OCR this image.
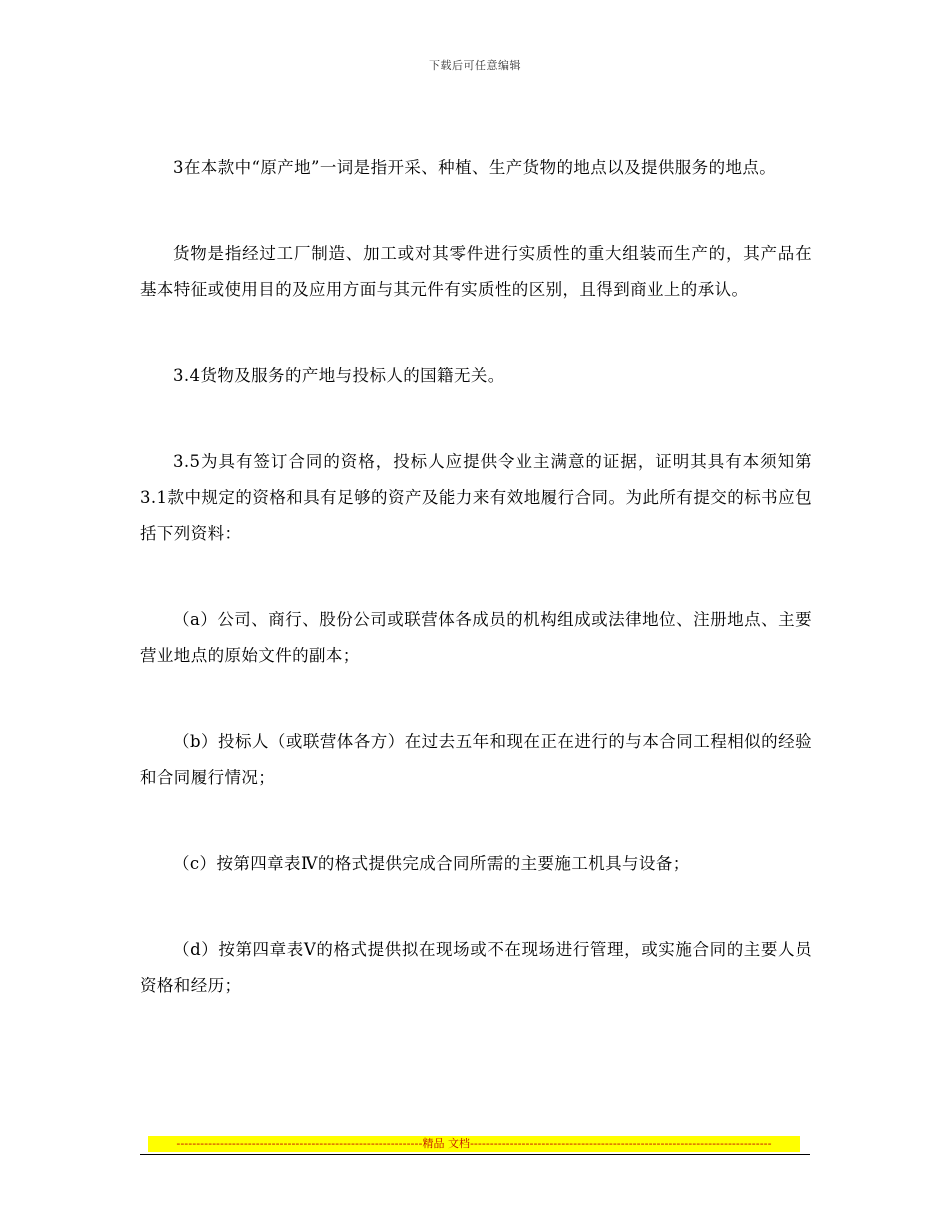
下载后可任意编辑

3在本款中“原产地”一词是指开采、种植、生产货物的地点以及提供服务的地点。

货物是指经过工厂制造、加工或对其零件进行实质性的重大组装而生产的，其产品在基本特征或使用目的及应用方面与其元件有实质性的区别，且得到商业上的承认。

3.4货物及服务的产地与投标人的国籍无关。

3.5为具有签订合同的资格，投标人应提供令业主满意的证据，证明其具有本须知第3.1款中规定的资格和具有足够的资产及能力来有效地履行合同。为此所有提交的标书应包括下列资料：

（a）公司、商行、股份公司或联营体各成员的机构组成或法律地位、注册地点、主要营业地点的原始文件的副本；

（b）投标人（或联营体各方）在过去五年和现在正在进行的与本合同工程相似的经验和合同履行情况；

（c）按第四章表Ⅳ的格式提供完成合同所需的主要施工机具与设备；

（d）按第四章表Ⅴ的格式提供拟在现场或不在现场进行管理，或实施合同的主要人员资格和经历；

--------------------------------------------------------------精品 文档----------------------------------------------------------------------------
